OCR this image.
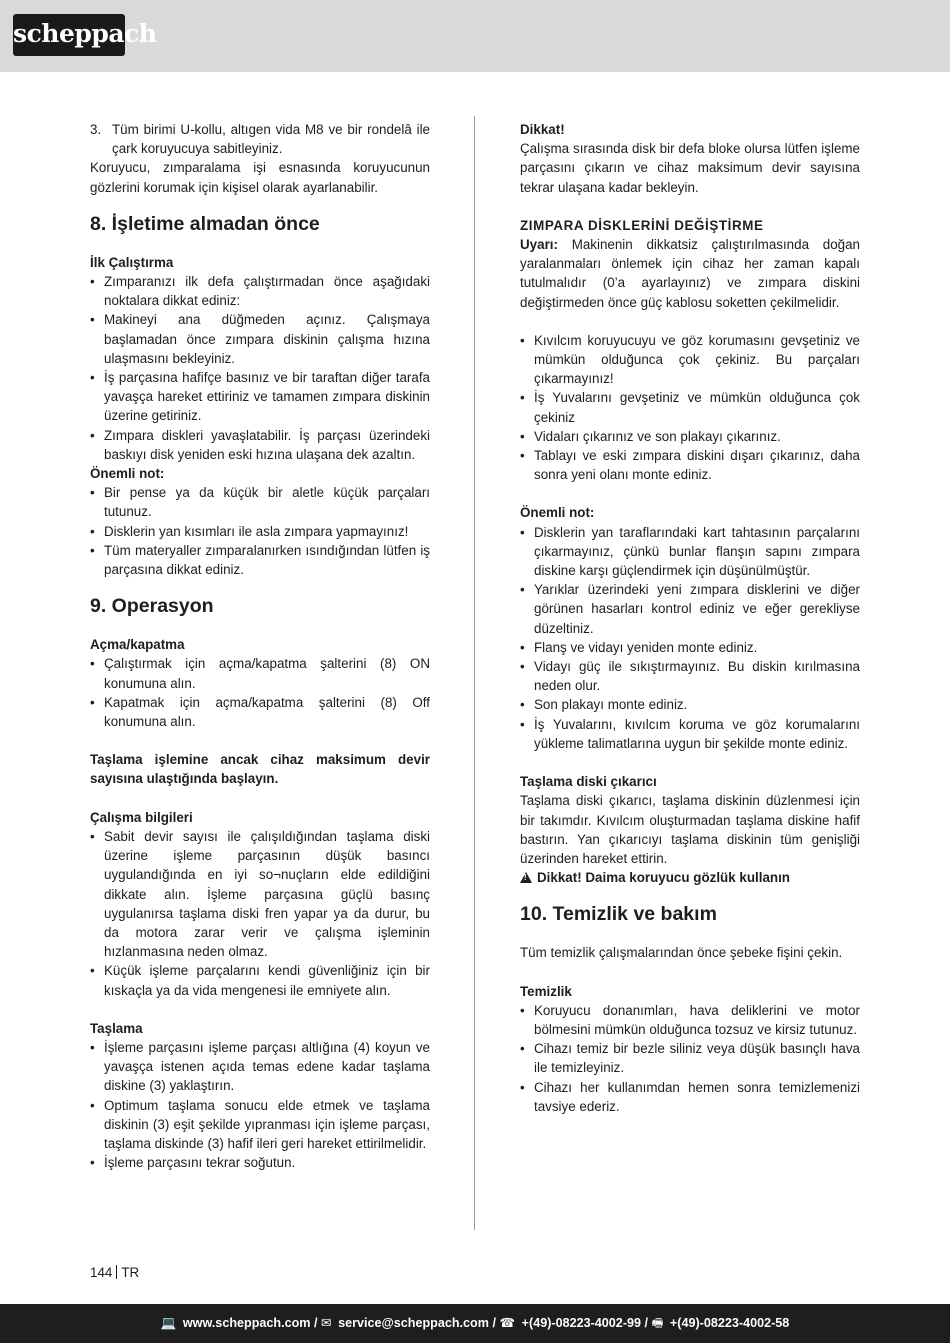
scheppach

3. Tüm birimi U-kollu, altıgen vida M8 ve bir rondelâ ile çark koruyucuya sabitleyiniz.

Koruyucu, zımparalama işi esnasında koruyucunun gözlerini korumak için kişisel olarak ayarlanabilir.

8. İşletime almadan önce

İlk Çalıştırma

• Zımparanızı ilk defa çalıştırmadan önce aşağıdaki noktalara dikkat ediniz:
• Makineyi ana düğmeden açınız. Çalışmaya başlamadan önce zımpara diskinin çalışma hızına ulaşmasını bekleyiniz.
• İş parçasına hafifçe basınız ve bir taraftan diğer tarafa yavaşça hareket ettiriniz ve tamamen zımpara diskinin üzerine getiriniz.
• Zımpara diskleri yavaşlatabilir. İş parçası üzerindeki baskıyı disk yeniden eski hızına ulaşana dek azaltın.

Önemli not:

• Bir pense ya da küçük bir aletle küçük parçaları tutunuz.
• Disklerin yan kısımları ile asla zımpara yapmayınız!
• Tüm materyaller zımparalanırken ısındığından lütfen iş parçasına dikkat ediniz.
9. Operasyon

Açma/kapatma

• Çalıştırmak için açma/kapatma şalterini (8) ON konumuna alın.
• Kapatmak için açma/kapatma şalterini (8) Off konumuna alın.

Taşlama işlemine ancak cihaz maksimum devir sayısına ulaştığında başlayın.

Çalışma bilgileri

• Sabit devir sayısı ile çalışıldığından taşlama diski üzerine işleme parçasının düşük basıncı uygulandığında en iyi so¬nuçların elde edildiğini dikkate alın. İşleme parçasına güçlü basınç uygulanırsa taşlama diski fren yapar ya da durur, bu da motora zarar verir ve çalışma işleminin hızlanmasına neden olmaz.
• Küçük işleme parçalarını kendi güvenliğiniz için bir kıskaçla ya da vida mengenesi ile emniyete alın.

Taşlama

• İşleme parçasını işleme parçası altlığına (4) koyun ve yavaşça istenen açıda temas edene kadar taşlama diskine (3) yaklaştırın.
• Optimum taşlama sonucu elde etmek ve taşlama diskinin (3) eşit şekilde yıpranması için işleme parçası, taşlama diskinde (3) hafif ileri geri hareket ettirilmelidir.
• İşleme parçasını tekrar soğutun.

Dikkat!

Çalışma sırasında disk bir defa bloke olursa lütfen işleme parçasını çıkarın ve cihaz maksimum devir sayısına tekrar ulaşana kadar bekleyin.

ZIMPARA DİSKLERİNİ DEĞİŞTİRME

Uyarı: Makinenin dikkatsiz çalıştırılmasında doğan yaralanmaları önlemek için cihaz her zaman kapalı tutulmalıdır (0’a ayarlayınız) ve zımpara diskini değiştirmeden önce güç kablosu soketten çekilmelidir.

• Kıvılcım koruyucuyu ve göz korumasını gevşetiniz ve mümkün olduğunca çok çekiniz. Bu parçaları çıkarmayınız!
• İş Yuvalarını gevşetiniz ve mümkün olduğunca çok çekiniz
• Vidaları çıkarınız ve son plakayı çıkarınız.
• Tablayı ve eski zımpara diskini dışarı çıkarınız, daha sonra yeni olanı monte ediniz.

Önemli not:

• Disklerin yan taraflarındaki kart tahtasının parçalarını çıkarmayınız, çünkü bunlar flanşın sapını zımpara diskine karşı güçlendirmek için düşünülmüştür.
• Yarıklar üzerindeki yeni zımpara disklerini ve diğer görünen hasarları kontrol ediniz ve eğer gerekliyse düzeltiniz.
• Flanş ve vidayı yeniden monte ediniz.
• Vidayı güç ile sıkıştırmayınız. Bu diskin kırılmasına neden olur.
• Son plakayı monte ediniz.
• İş Yuvalarını, kıvılcım koruma ve göz korumalarını yükleme talimatlarına uygun bir şekilde monte ediniz.

Taşlama diski çıkarıcı

Taşlama diski çıkarıcı, taşlama diskinin düzlenmesi için bir takımdır. Kıvılcım oluşturmadan taşlama diskine hafif bastırın. Yan çıkarıcıyı taşlama diskinin tüm genişliği üzerinden hareket ettirin.

!Dikkat! Daima koruyucu gözlük kullanın

10. Temizlik ve bakım

Tüm temizlik çalışmalarından önce şebeke fişini çekin.

Temizlik

• Koruyucu donanımları, hava deliklerini ve motor bölmesini mümkün olduğunca tozsuz ve kirsiz tutunuz.
• Cihazı temiz bir bezle siliniz veya düşük basınçlı hava ile temizleyiniz.
• Cihazı her kullanımdan hemen sonra temizlemenizi tavsiye ederiz.
144 TR
💻 www.scheppach.com / ✉ service@scheppach.com / ☎ +(49)-08223-4002-99 / 🖷 +(49)-08223-4002-58
